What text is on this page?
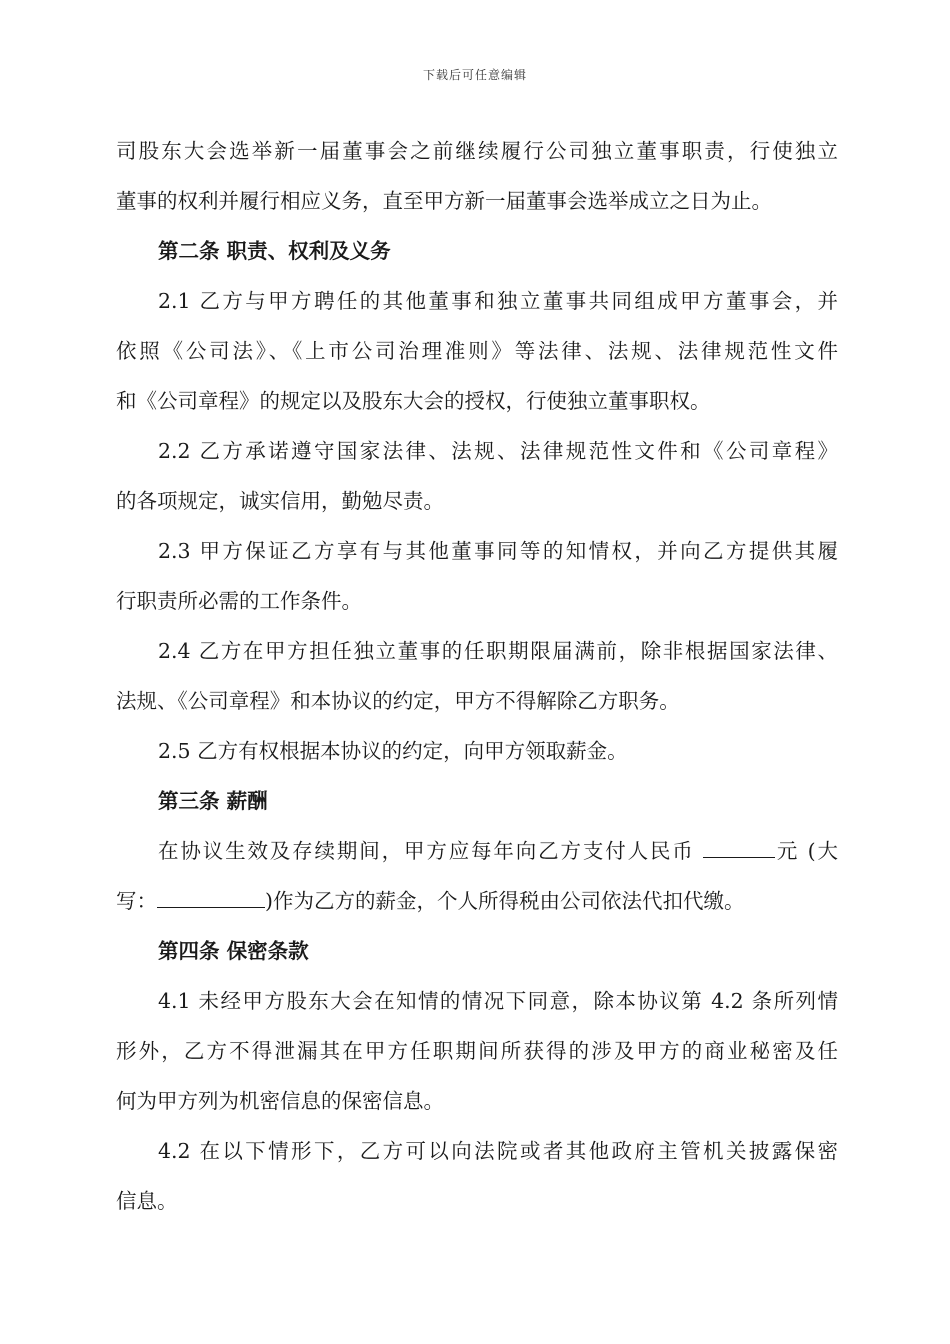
下载后可任意编辑
司股东大会选举新一届董事会之前继续履行公司独立董事职责，行使独立
董事的权利并履行相应义务，直至甲方新一届董事会选举成立之日为止。
第二条 职责、权利及义务
2.1 乙方与甲方聘任的其他董事和独立董事共同组成甲方董事会，并
依照《公司法》、《上市公司治理准则》等法律、法规、法律规范性文件
和《公司章程》的规定以及股东大会的授权，行使独立董事职权。
2.2 乙方承诺遵守国家法律、法规、法律规范性文件和《公司章程》
的各项规定，诚实信用，勤勉尽责。
2.3 甲方保证乙方享有与其他董事同等的知情权，并向乙方提供其履
行职责所必需的工作条件。
2.4 乙方在甲方担任独立董事的任职期限届满前，除非根据国家法律、
法规、《公司章程》和本协议的约定，甲方不得解除乙方职务。
2.5 乙方有权根据本协议的约定，向甲方领取薪金。
第三条 薪酬
在协议生效及存续期间，甲方应每年向乙方支付人民币	元 (大
写：	)作为乙方的薪金，个人所得税由公司依法代扣代缴。
第四条 保密条款
4.1 未经甲方股东大会在知情的情况下同意，除本协议第 4.2 条所列情
形外，乙方不得泄漏其在甲方任职期间所获得的涉及甲方的商业秘密及任
何为甲方列为机密信息的保密信息。
4.2 在以下情形下，乙方可以向法院或者其他政府主管机关披露保密
信息。
